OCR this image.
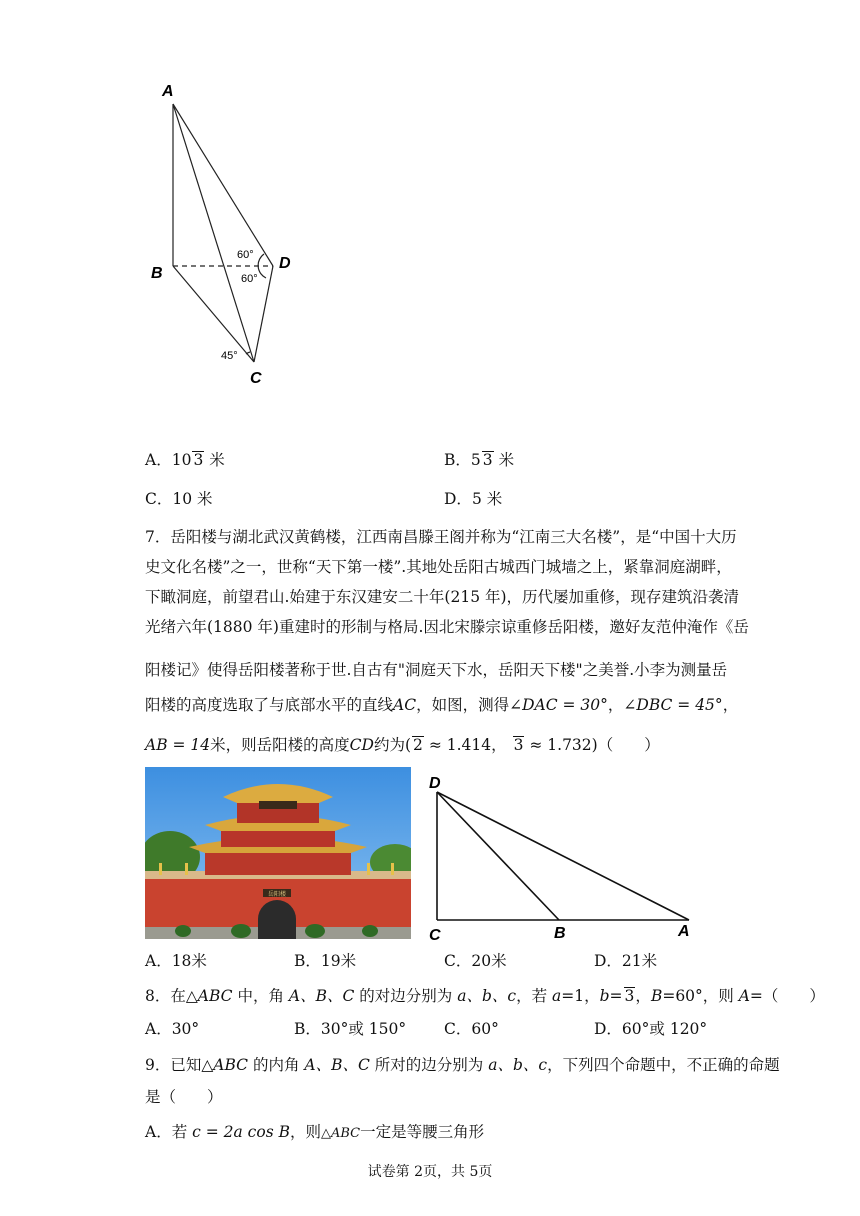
A
B
D
C
60°
60°
45°
A．10 3 米	B．5 3 米
C．10 米	D．5 米
7．岳阳楼与湖北武汉黄鹤楼，江西南昌滕王阁并称为“江南三大名楼”，是“中国十大历
史文化名楼”之一，世称“天下第一楼”.其地处岳阳古城西门城墙之上，紧靠洞庭湖畔，
下瞰洞庭，前望君山.始建于东汉建安二十年(215 年)，历代屡加重修，现存建筑沿袭清
光绪六年(1880 年)重建时的形制与格局.因北宋滕宗谅重修岳阳楼，邀好友范仲淹作《岳
阳楼记》使得岳阳楼著称于世.自古有"洞庭天下水，岳阳天下楼"之美誉.小李为测量岳
阳楼的高度选取了与底部水平的直线AC，如图，测得∠DAC = 30°，∠DBC = 45°，
AB = 14米，则岳阳楼的高度CD约为( 2 ≈ 1.414， 3 ≈ 1.732)（　　）
岳阳楼
D
C	B	A
A．18米	B．19米	C．20米	D．21米
8．在△ABC 中，角 A、B、C 的对边分别为 a、b、c，若 a=1，b= 3，B=60°，则 A=（　　）
A．30°	B．30°或 150° C．60°	D．60°或 120°
9．已知△ABC 的内角 A、B、C 所对的边分别为 a、b、c，下列四个命题中，不正确的命题
是（　　）
A．若 c = 2a cos B，则△ABC一定是等腰三角形
试卷第 2页，共 5页
